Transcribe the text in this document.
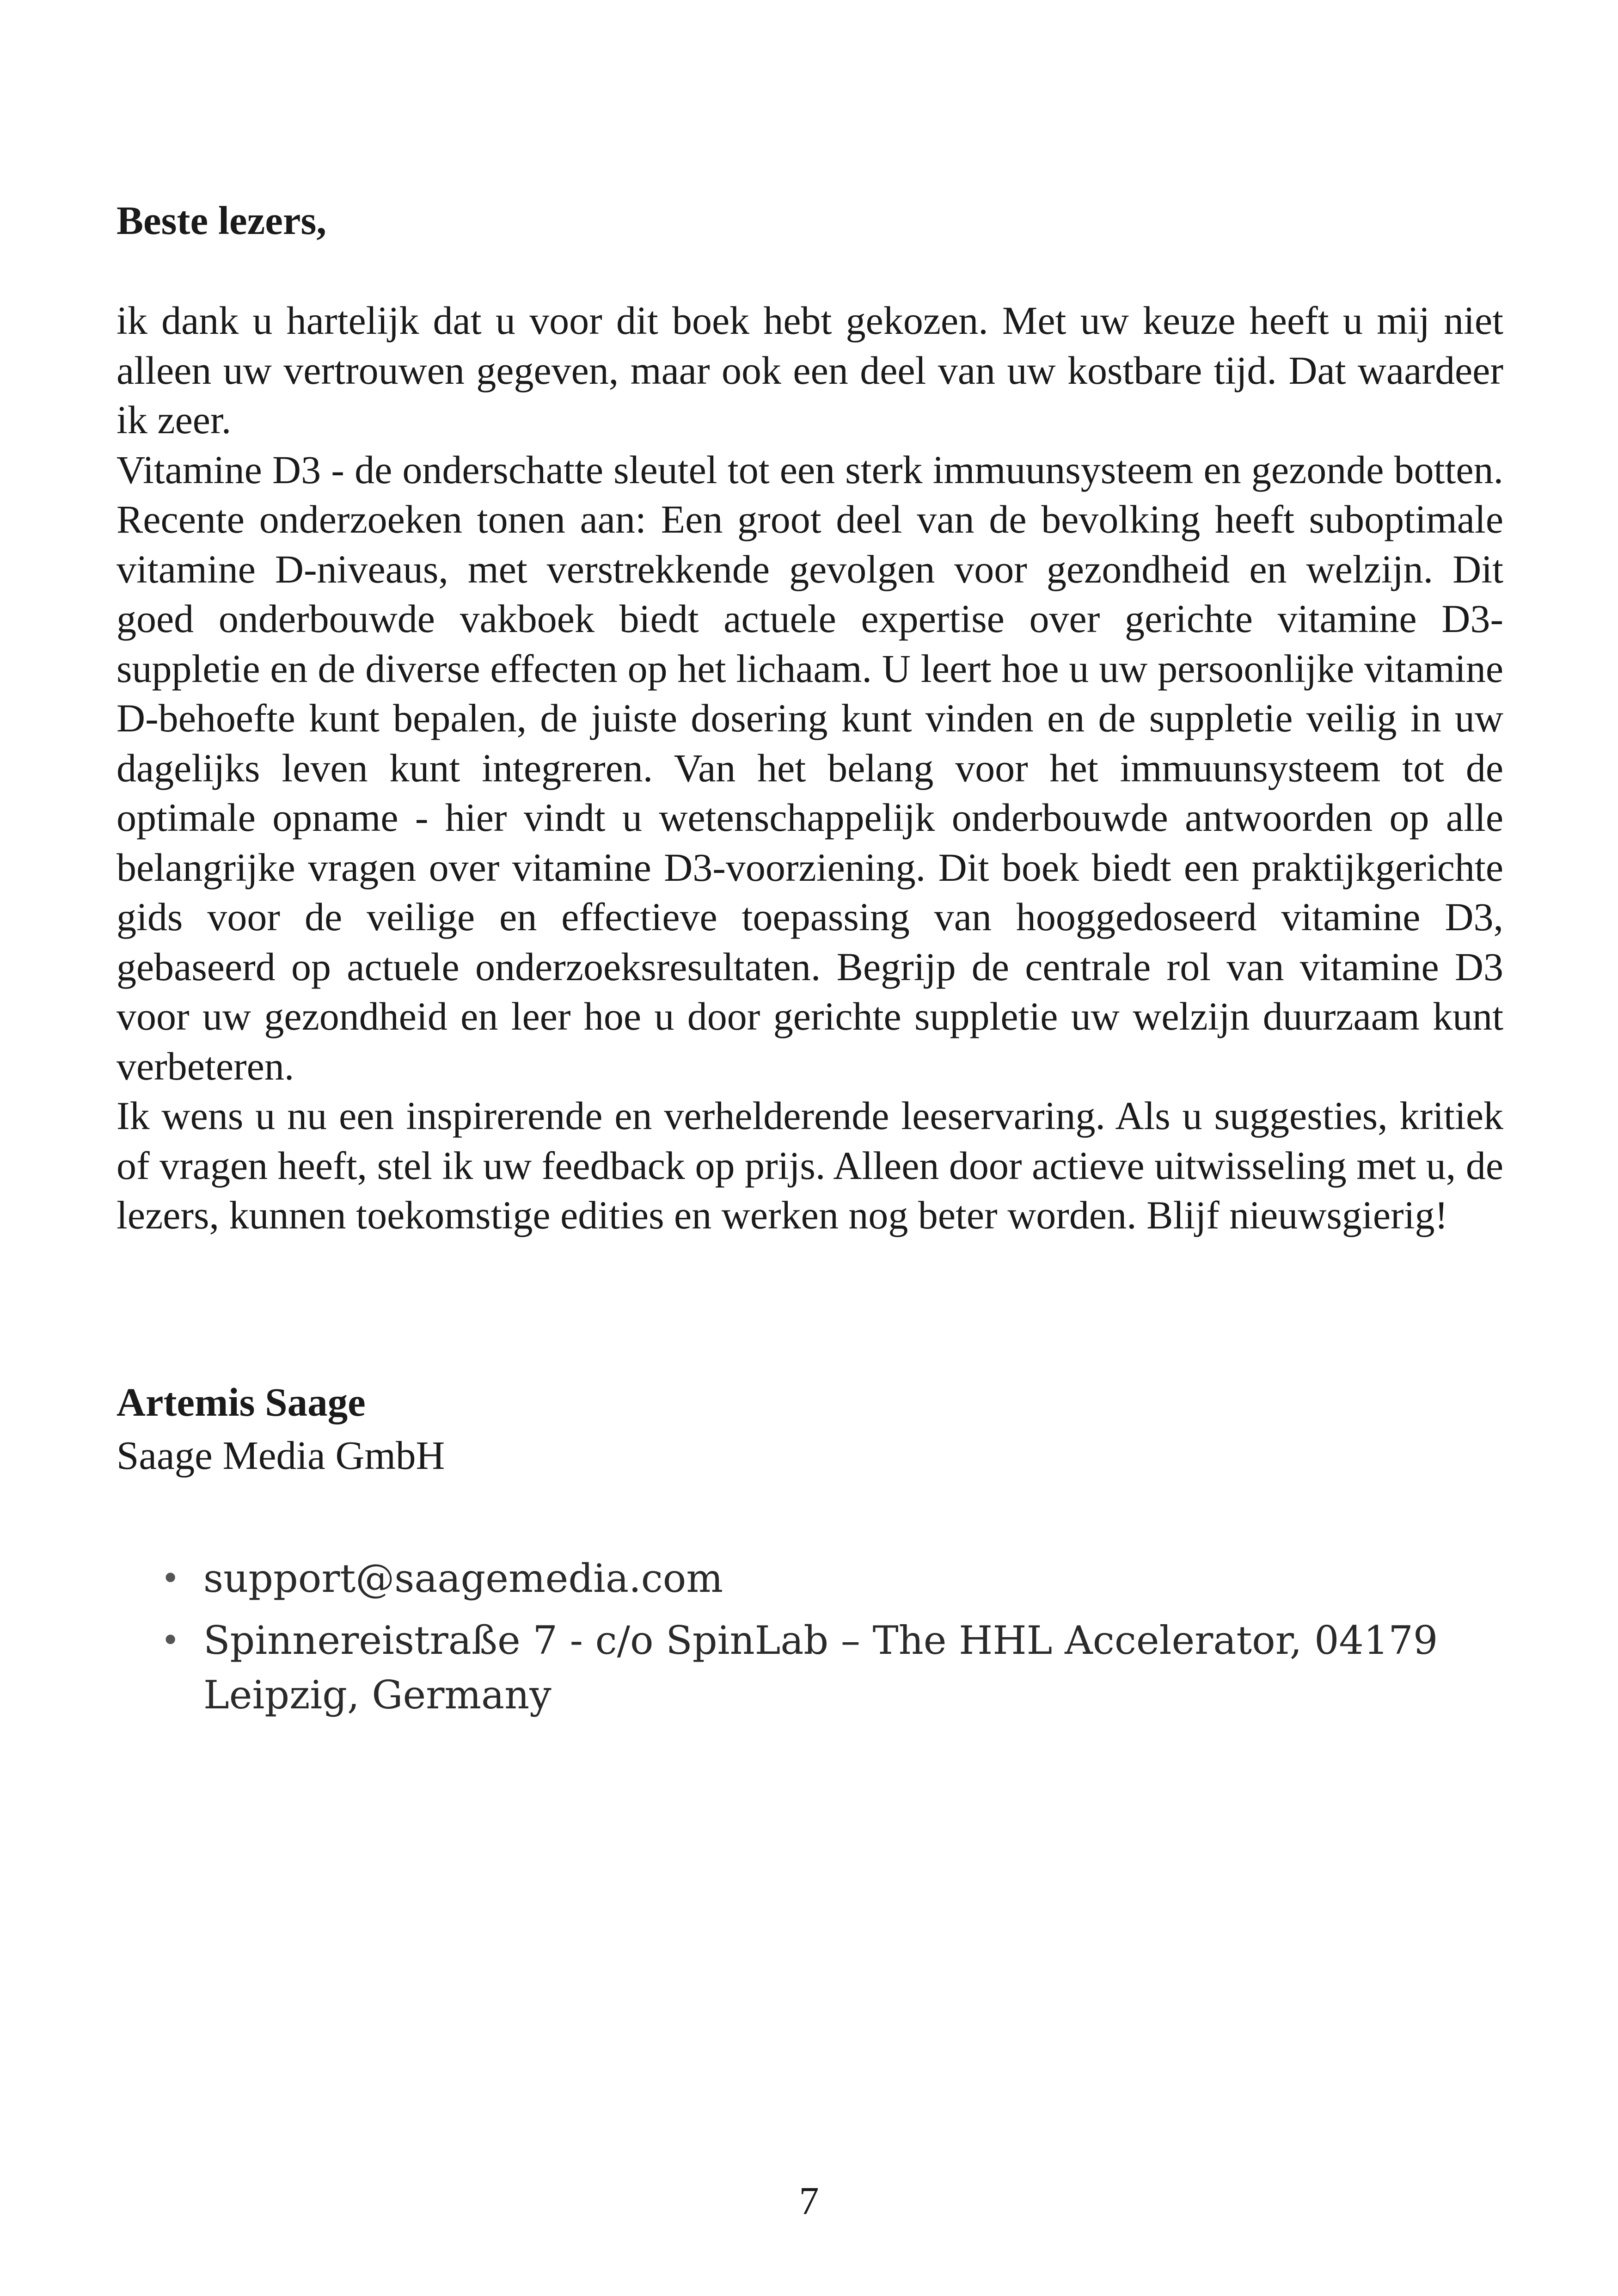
Beste lezers,

ik dank u hartelijk dat u voor dit boek hebt gekozen. Met uw keuze heeft u mij niet alleen uw vertrouwen gegeven, maar ook een deel van uw kostbare tijd. Dat waardeer ik zeer.

Vitamine D3 - de onderschatte sleutel tot een sterk immuunsysteem en gezonde botten. Recente onderzoeken tonen aan: Een groot deel van de bevolking heeft suboptimale vitamine D-niveaus, met verstrekkende gevolgen voor gezondheid en welzijn. Dit goed onderbouwde vakboek biedt actuele expertise over gerichte vitamine D3-suppletie en de diverse effecten op het lichaam. U leert hoe u uw persoonlijke vitamine D-behoefte kunt bepalen, de juiste dosering kunt vinden en de suppletie veilig in uw dagelijks leven kunt integreren. Van het belang voor het immuunsysteem tot de optimale opname - hier vindt u wetenschappelijk onderbouwde antwoorden op alle belangrijke vragen over vitamine D3-voorziening. Dit boek biedt een praktijkgerichte gids voor de veilige en effectieve toepassing van hooggedoseerd vitamine D3, gebaseerd op actuele onderzoeksresultaten. Begrijp de centrale rol van vitamine D3 voor uw gezondheid en leer hoe u door gerichte suppletie uw welzijn duurzaam kunt verbeteren.

Ik wens u nu een inspirerende en verhelderende leeservaring. Als u suggesties, kritiek of vragen heeft, stel ik uw feedback op prijs. Alleen door actieve uitwisseling met u, de lezers, kunnen toekomstige edities en werken nog beter worden. Blijf nieuwsgierig!

Artemis Saage
Saage Media GmbH
• support@saagemedia.com
• Spinnereistraße 7 - c/o SpinLab – The HHL Accelerator, 04179 Leipzig, Germany

7
